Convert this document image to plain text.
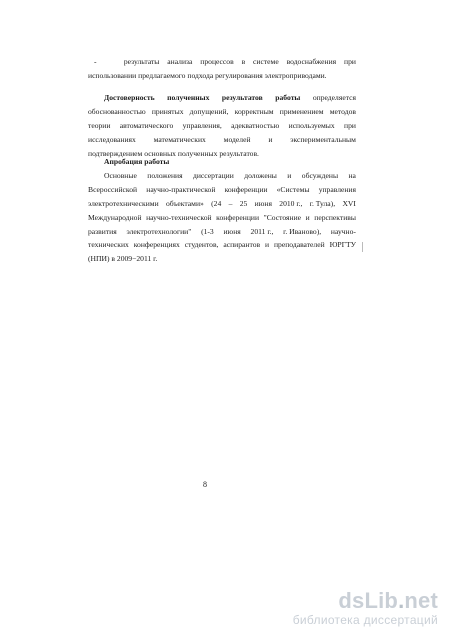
-	результаты анализа процессов в системе водоснабжения при
использовании предлагаемого подхода регулирования электроприводами.
Достоверность полученных результатов работы определяется
обоснованностью принятых допущений, корректным применением методов
теории автоматического управления, адекватностью используемых при
исследованиях математических моделей и экспериментальным
подтверждением основных полученных результатов.
Апробация работы
Основные положения диссертации доложены и обсуждены на
Всероссийской научно-практической конференции «Системы управления
электротехническими объектами» (24 – 25 июня 2010 г., г. Тула), XVI
Международной научно-технической конференции "Состояние и перспективы
развития электротехнологии" (1-3 июня 2011 г., г. Иваново), научно-
технических конференциях студентов, аспирантов и преподавателей ЮРГТУ
(НПИ) в 2009−2011 г.
8
dsLib.net
библиотека диссертаций
